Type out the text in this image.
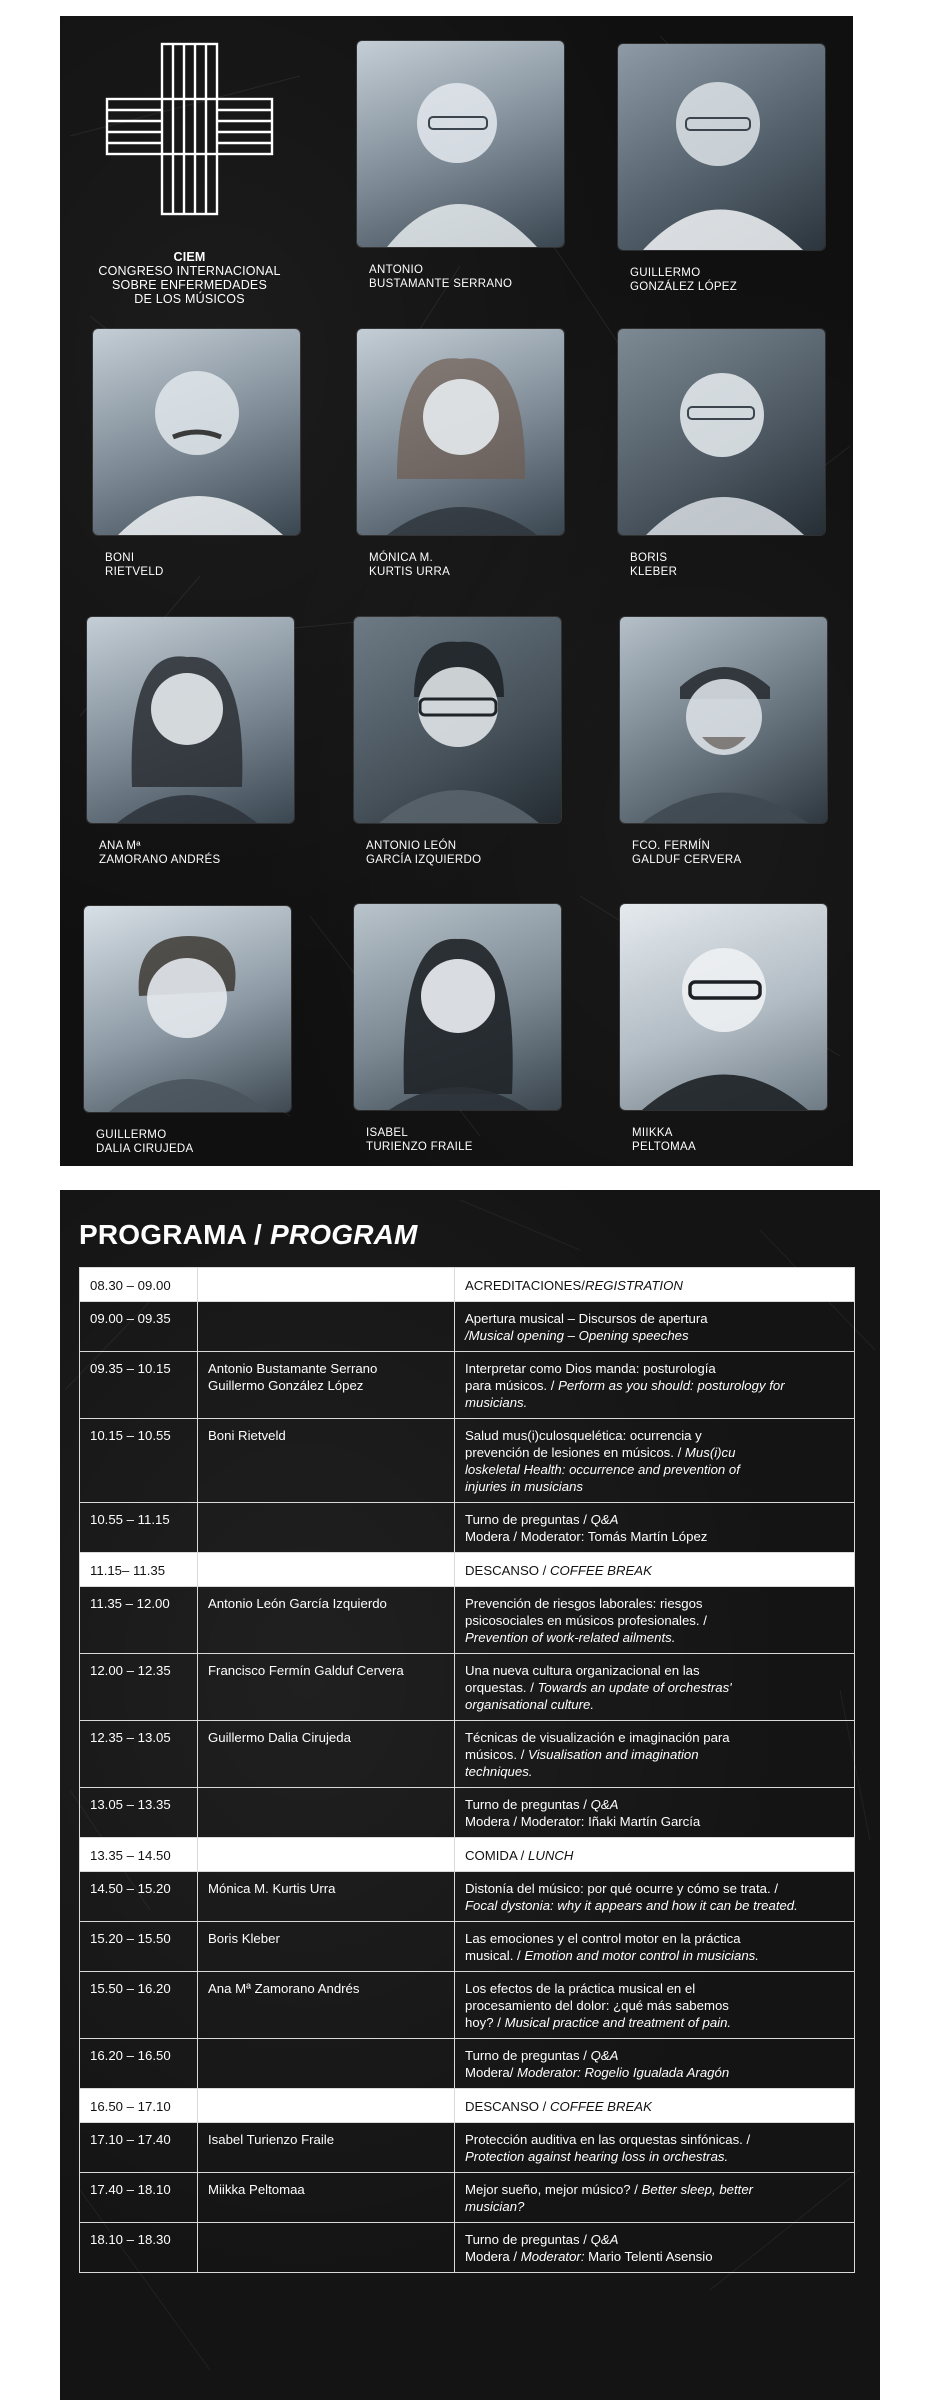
CIEM
CONGRESO INTERNACIONAL
SOBRE ENFERMEDADES
DE LOS MÚSICOS
ANTONIO
BUSTAMANTE SERRANO
GUILLERMO
GONZÁLEZ LÓPEZ
BONI
RIETVELD
MÓNICA M.
KURTIS URRA
BORIS
KLEBER
ANA Mª
ZAMORANO ANDRÉS
ANTONIO LEÓN
GARCÍA IZQUIERDO
FCO. FERMÍN
GALDUF CERVERA
GUILLERMO
DALIA CIRUJEDA
ISABEL
TURIENZO FRAILE
MIIKKA
PELTOMAA
PROGRAMA / PROGRAM
08.30 – 09.00		ACREDITACIONES/REGISTRATION
09.00 – 09.35		Apertura musical – Discursos de apertura
/Musical opening – Opening speeches
09.35 – 10.15	Antonio Bustamante Serrano
Guillermo González López	Interpretar como Dios manda: posturología
para músicos. / Perform as you should: posturology for
musicians.
10.15 – 10.55	Boni Rietveld	Salud mus(i)culosquelética: ocurrencia y
prevención de lesiones en músicos. / Mus(i)cu
loskeletal Health: occurrence and prevention of
injuries in musicians
10.55 – 11.15		Turno de preguntas / Q&A
Modera / Moderator: Tomás Martín López
11.15– 11.35		DESCANSO / COFFEE BREAK
11.35 – 12.00	Antonio León García Izquierdo	Prevención de riesgos laborales: riesgos
psicosociales en músicos profesionales. /
Prevention of work-related ailments.
12.00 – 12.35	Francisco Fermín Galduf Cervera	Una nueva cultura organizacional en las
orquestas. / Towards an update of orchestras'
organisational culture.
12.35 – 13.05	Guillermo Dalia Cirujeda	Técnicas de visualización e imaginación para
músicos. / Visualisation and imagination
techniques.
13.05 – 13.35		Turno de preguntas / Q&A
Modera / Moderator: Iñaki Martín García
13.35 – 14.50		COMIDA / LUNCH
14.50 – 15.20	Mónica M. Kurtis Urra	Distonía del músico: por qué ocurre y cómo se trata. /
Focal dystonia: why it appears and how it can be treated.
15.20 – 15.50	Boris Kleber	Las emociones y el control motor en la práctica
musical. / Emotion and motor control in musicians.
15.50 – 16.20	Ana Mª Zamorano Andrés	Los efectos de la práctica musical en el
procesamiento del dolor: ¿qué más sabemos
hoy? / Musical practice and treatment of pain.
16.20 – 16.50		Turno de preguntas / Q&A
Modera/ Moderator: Rogelio Igualada Aragón
16.50 – 17.10		DESCANSO / COFFEE BREAK
17.10 – 17.40	Isabel Turienzo Fraile	Protección auditiva en las orquestas sinfónicas. /
Protection against hearing loss in orchestras.
17.40 – 18.10	Miikka Peltomaa	Mejor sueño, mejor músico? / Better sleep, better
musician?
18.10 – 18.30		Turno de preguntas / Q&A
Modera / Moderator: Mario Telenti Asensio
